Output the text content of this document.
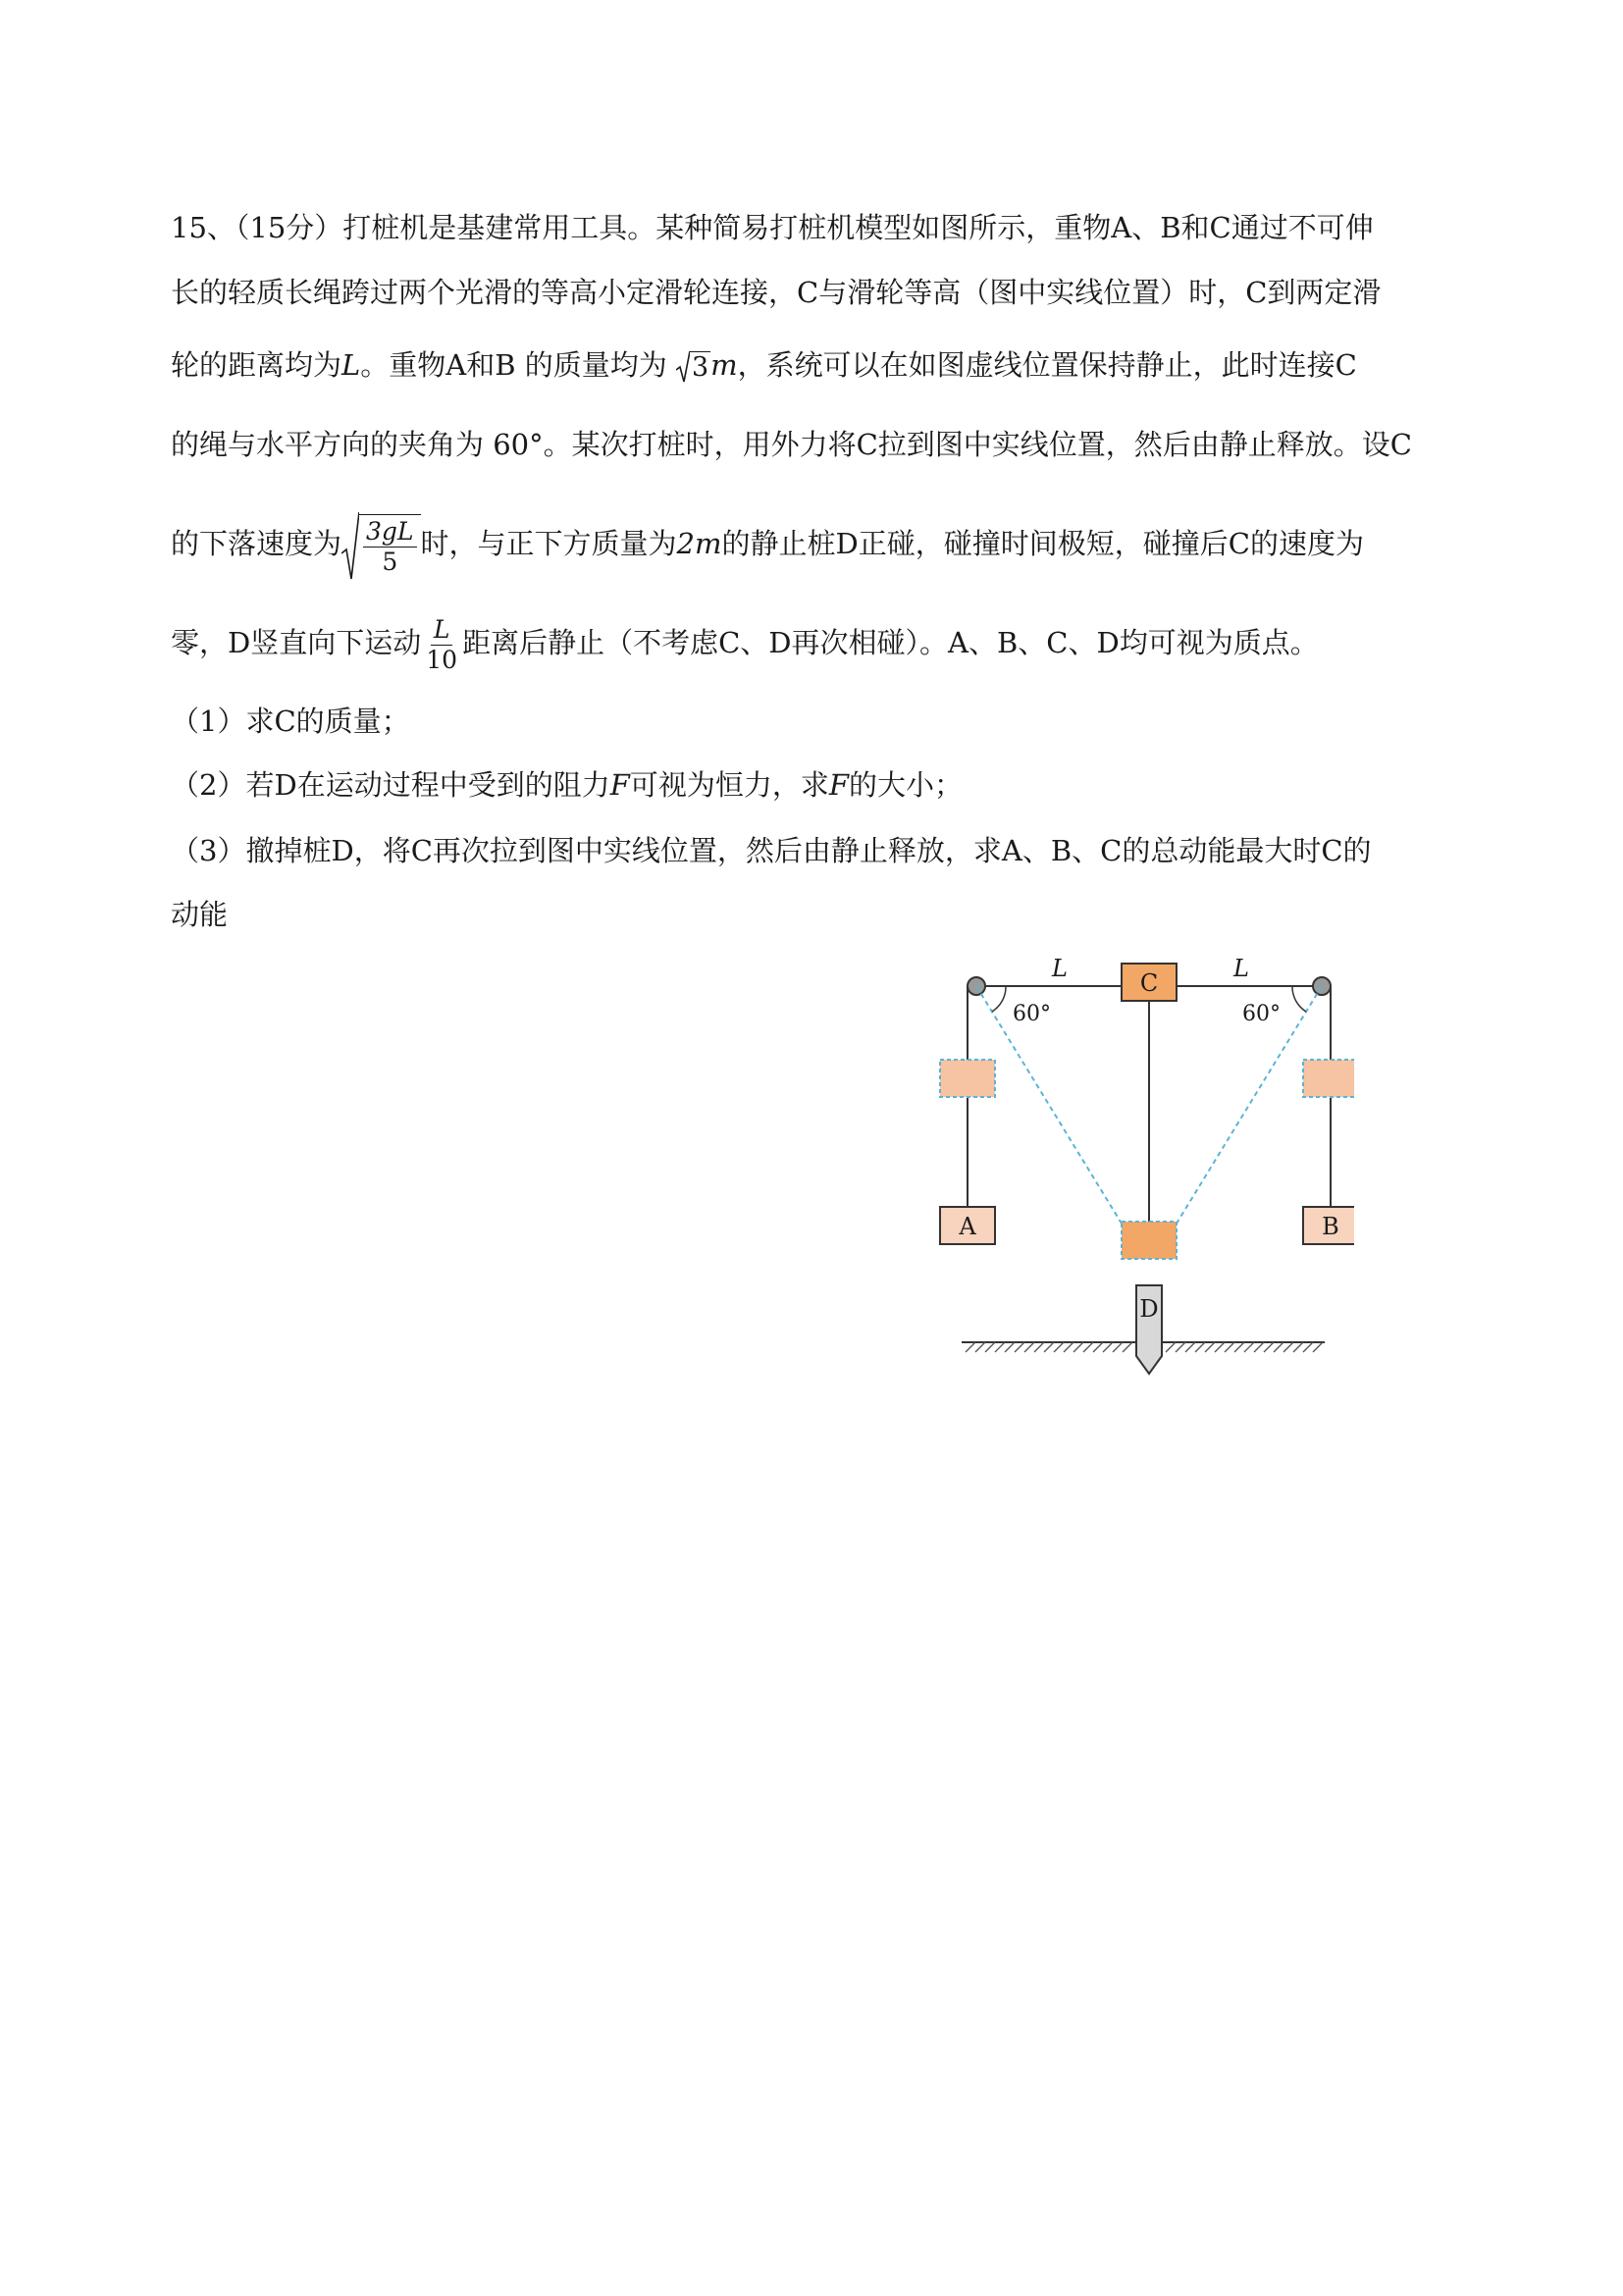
15、（15分）打桩机是基建常用工具。某种简易打桩机模型如图所示，重物A、B和C通过不可伸
长的轻质长绳跨过两个光滑的等高小定滑轮连接，C与滑轮等高（图中实线位置）时，C到两定滑
轮的距离均为L。重物A和B 的质量均为 3 m，系统可以在如图虚线位置保持静止，此时连接C
的绳与水平方向的夹角为 60°。某次打桩时，用外力将C拉到图中实线位置，然后由静止释放。设C
的下落速度为 $\frac{3gL}{5}$ 时，与正下方质量为2m的静止桩D正碰，碰撞时间极短，碰撞后C的速度为
零，D竖直向下运动 $\frac{L}{10}$ 距离后静止（不考虑C、D再次相碰）。A、B、C、D均可视为质点。
（1）求C的质量；
（2）若D在运动过程中受到的阻力F可视为恒力，求F的大小；
（3）撤掉桩D，将C再次拉到图中实线位置，然后由静止释放，求A、B、C的总动能最大时C的
动能
C
A	B
L	L
60°	60°
D
